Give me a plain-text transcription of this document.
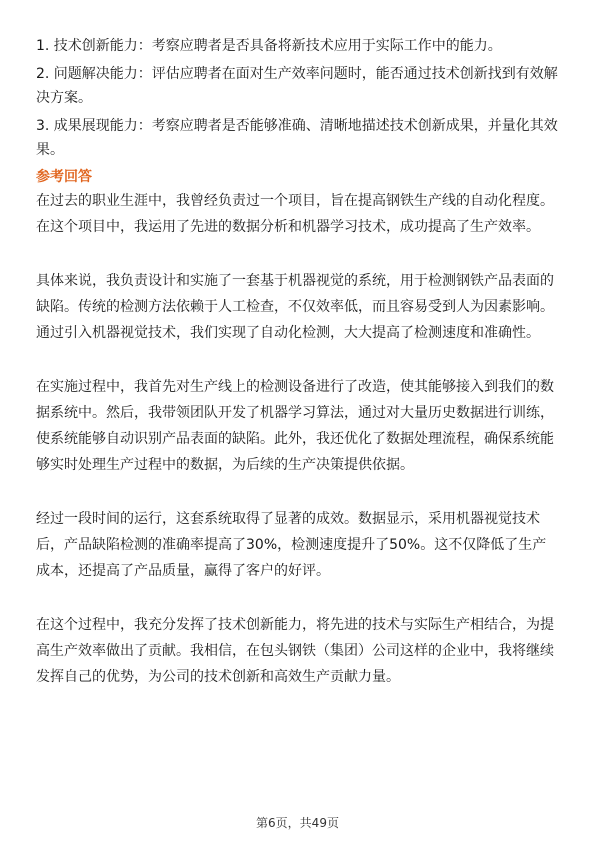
1. 技术创新能力：考察应聘者是否具备将新技术应用于实际工作中的能力。

2. 问题解决能力：评估应聘者在面对生产效率问题时，能否通过技术创新找到有效解决方案。

3. 成果展现能力：考察应聘者是否能够准确、清晰地描述技术创新成果，并量化其效果。

参考回答

在过去的职业生涯中，我曾经负责过一个项目，旨在提高钢铁生产线的自动化程度。在这个项目中，我运用了先进的数据分析和机器学习技术，成功提高了生产效率。

具体来说，我负责设计和实施了一套基于机器视觉的系统，用于检测钢铁产品表面的缺陷。传统的检测方法依赖于人工检查，不仅效率低，而且容易受到人为因素影响。通过引入机器视觉技术，我们实现了自动化检测，大大提高了检测速度和准确性。

在实施过程中，我首先对生产线上的检测设备进行了改造，使其能够接入到我们的数据系统中。然后，我带领团队开发了机器学习算法，通过对大量历史数据进行训练，使系统能够自动识别产品表面的缺陷。此外，我还优化了数据处理流程，确保系统能够实时处理生产过程中的数据，为后续的生产决策提供依据。

经过一段时间的运行，这套系统取得了显著的成效。数据显示，采用机器视觉技术后，产品缺陷检测的准确率提高了30%，检测速度提升了50%。这不仅降低了生产成本，还提高了产品质量，赢得了客户的好评。

在这个过程中，我充分发挥了技术创新能力，将先进的技术与实际生产相结合，为提高生产效率做出了贡献。我相信，在包头钢铁（集团）公司这样的企业中，我将继续发挥自己的优势，为公司的技术创新和高效生产贡献力量。

第6页，共49页
